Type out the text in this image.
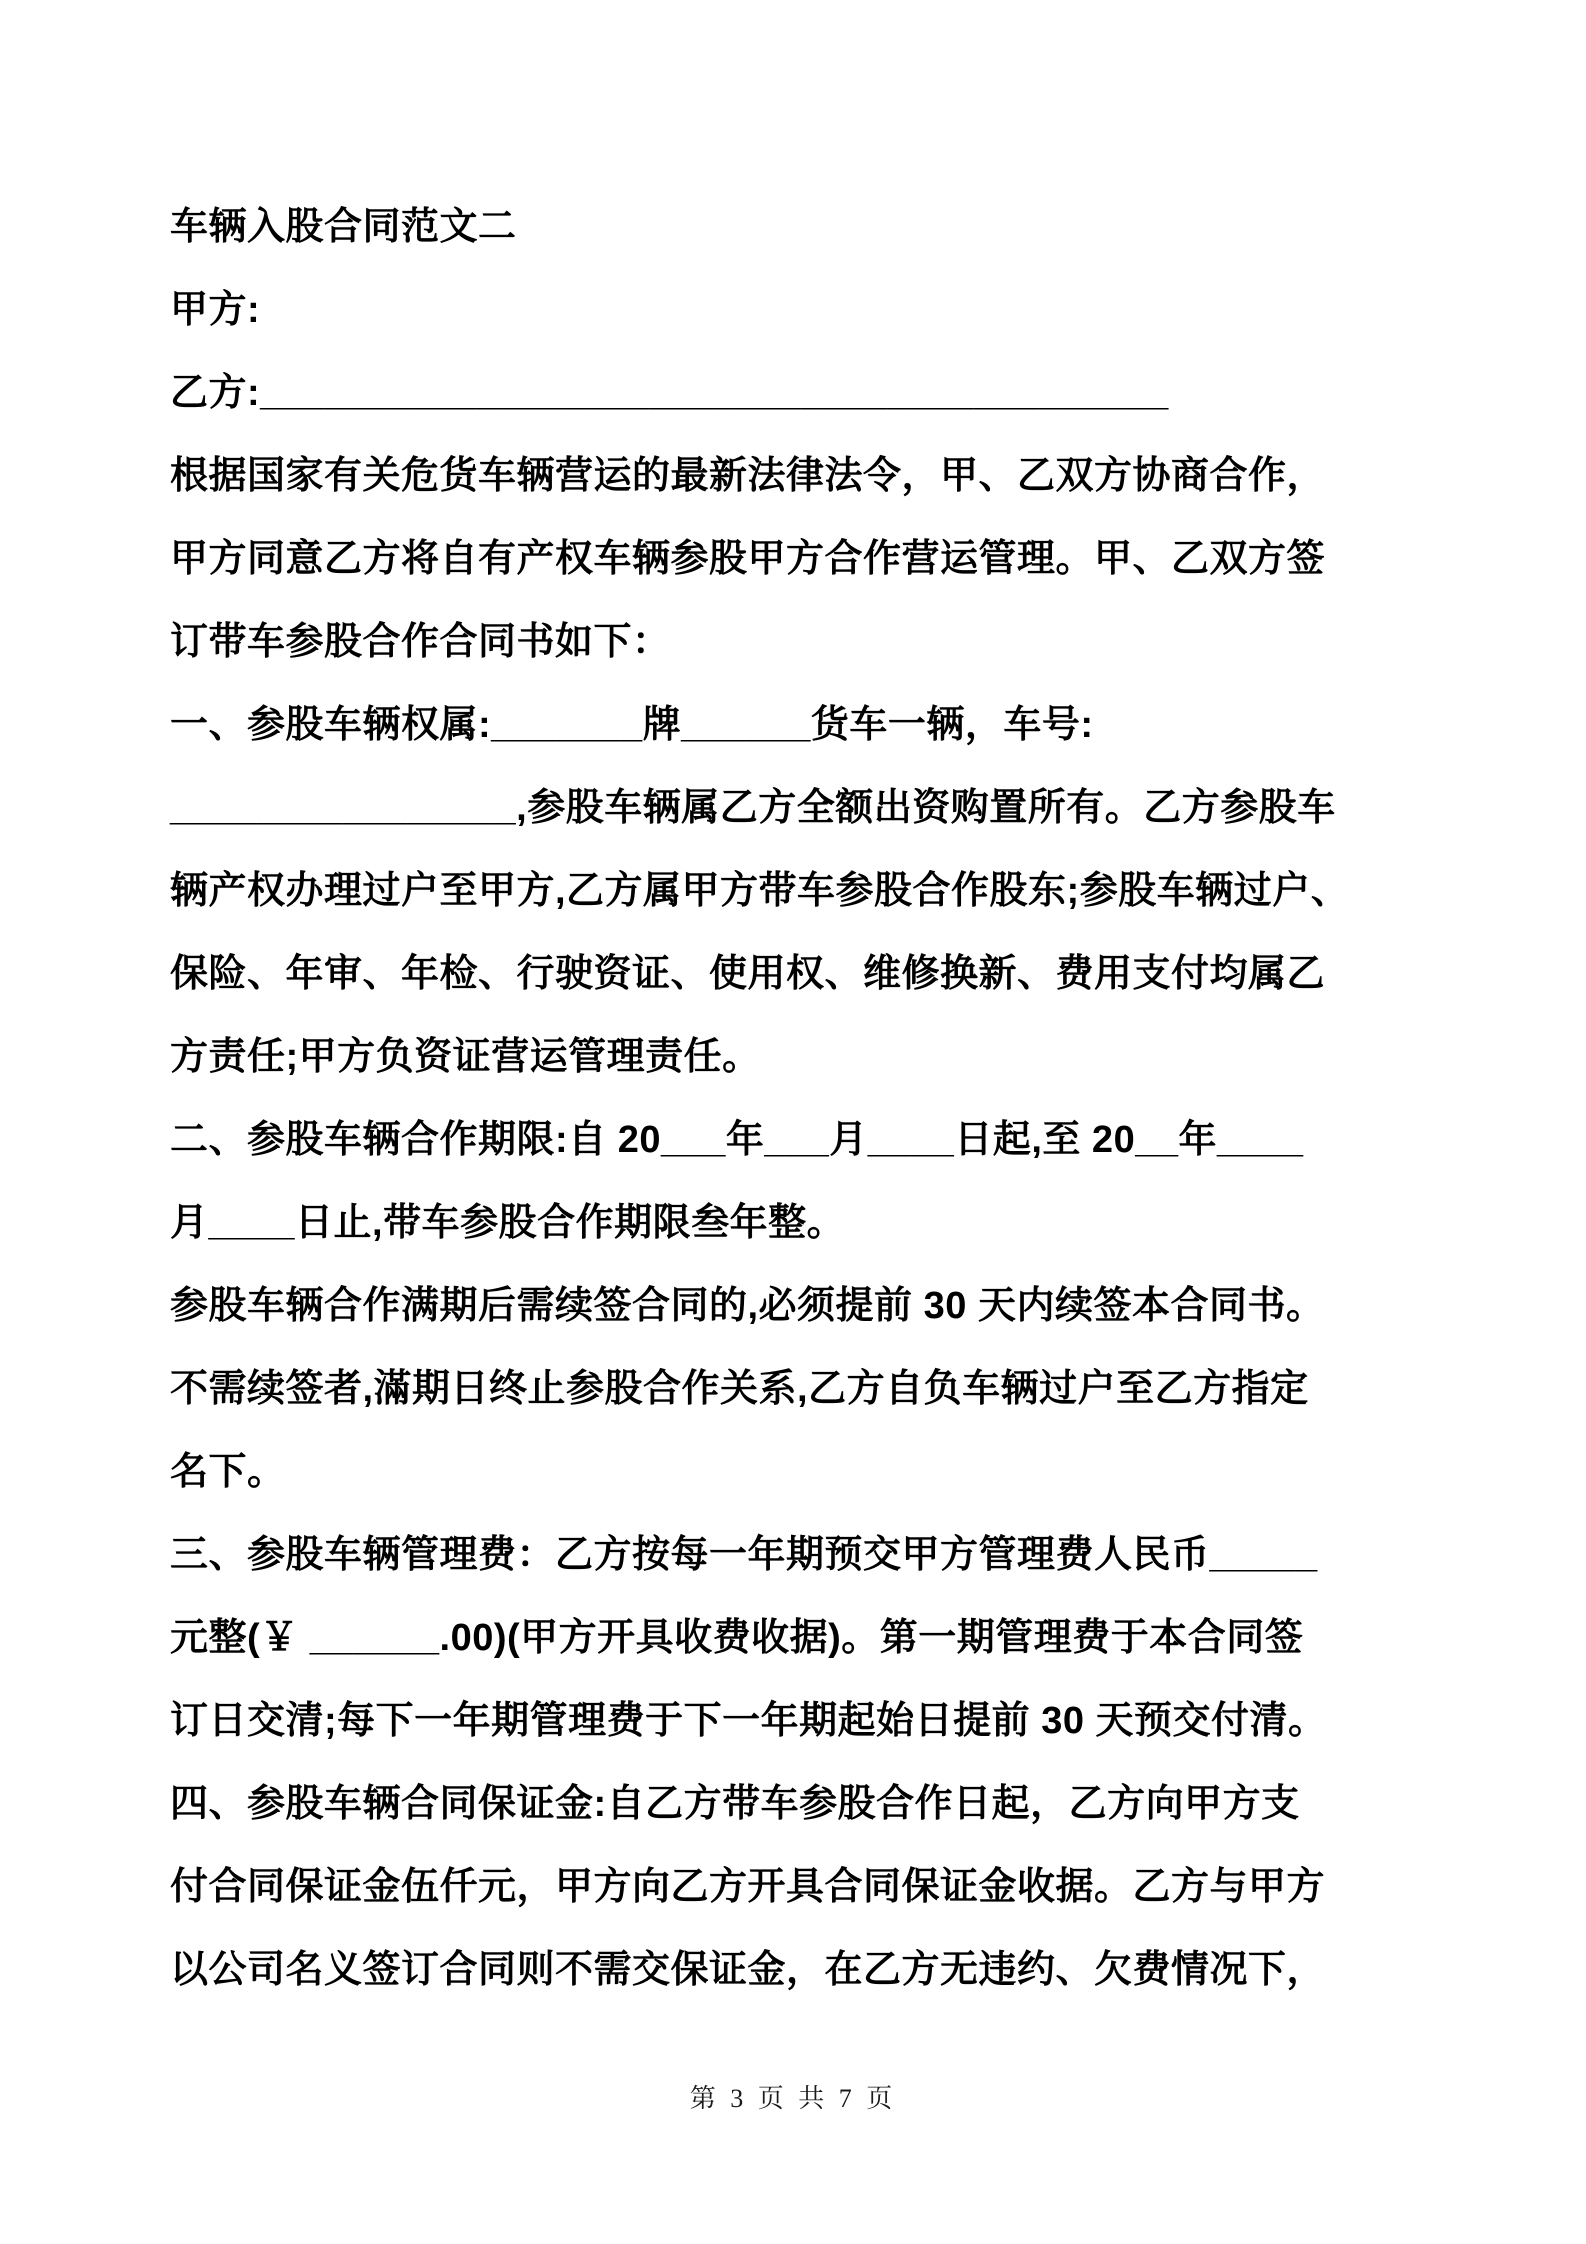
车辆入股合同范文二
甲方:
乙方:__________________________________________
根据国家有关危货车辆营运的最新法律法令，甲、乙双方协商合作，
甲方同意乙方将自有产权车辆参股甲方合作营运管理。甲、乙双方签
订带车参股合作合同书如下：
一、参股车辆权属:_______牌______货车一辆，车号:
________________,参股车辆属乙方全额出资购置所有。乙方参股车
辆产权办理过户至甲方,乙方属甲方带车参股合作股东;参股车辆过户、
保险、年审、年检、行驶资证、使用权、维修换新、费用支付均属乙
方责任;甲方负资证营运管理责任。
二、参股车辆合作期限:自 20___年___月____日起,至 20__年____
月____日止,带车参股合作期限叁年整。
参股车辆合作满期后需续签合同的,必须提前 30 天内续签本合同书。
不需续签者,滿期日终止参股合作关系,乙方自负车辆过户至乙方指定
名下。
三、参股车辆管理费：乙方按每一年期预交甲方管理费人民币_____
元整(￥ ______.00)(甲方开具收费收据)。第一期管理费于本合同签
订日交清;每下一年期管理费于下一年期起始日提前 30 天预交付清。
四、参股车辆合同保证金:自乙方带车参股合作日起，乙方向甲方支
付合同保证金伍仟元，甲方向乙方开具合同保证金收据。乙方与甲方
以公司名义签订合同则不需交保证金，在乙方无违约、欠费情况下，
第 3 页 共 7 页
